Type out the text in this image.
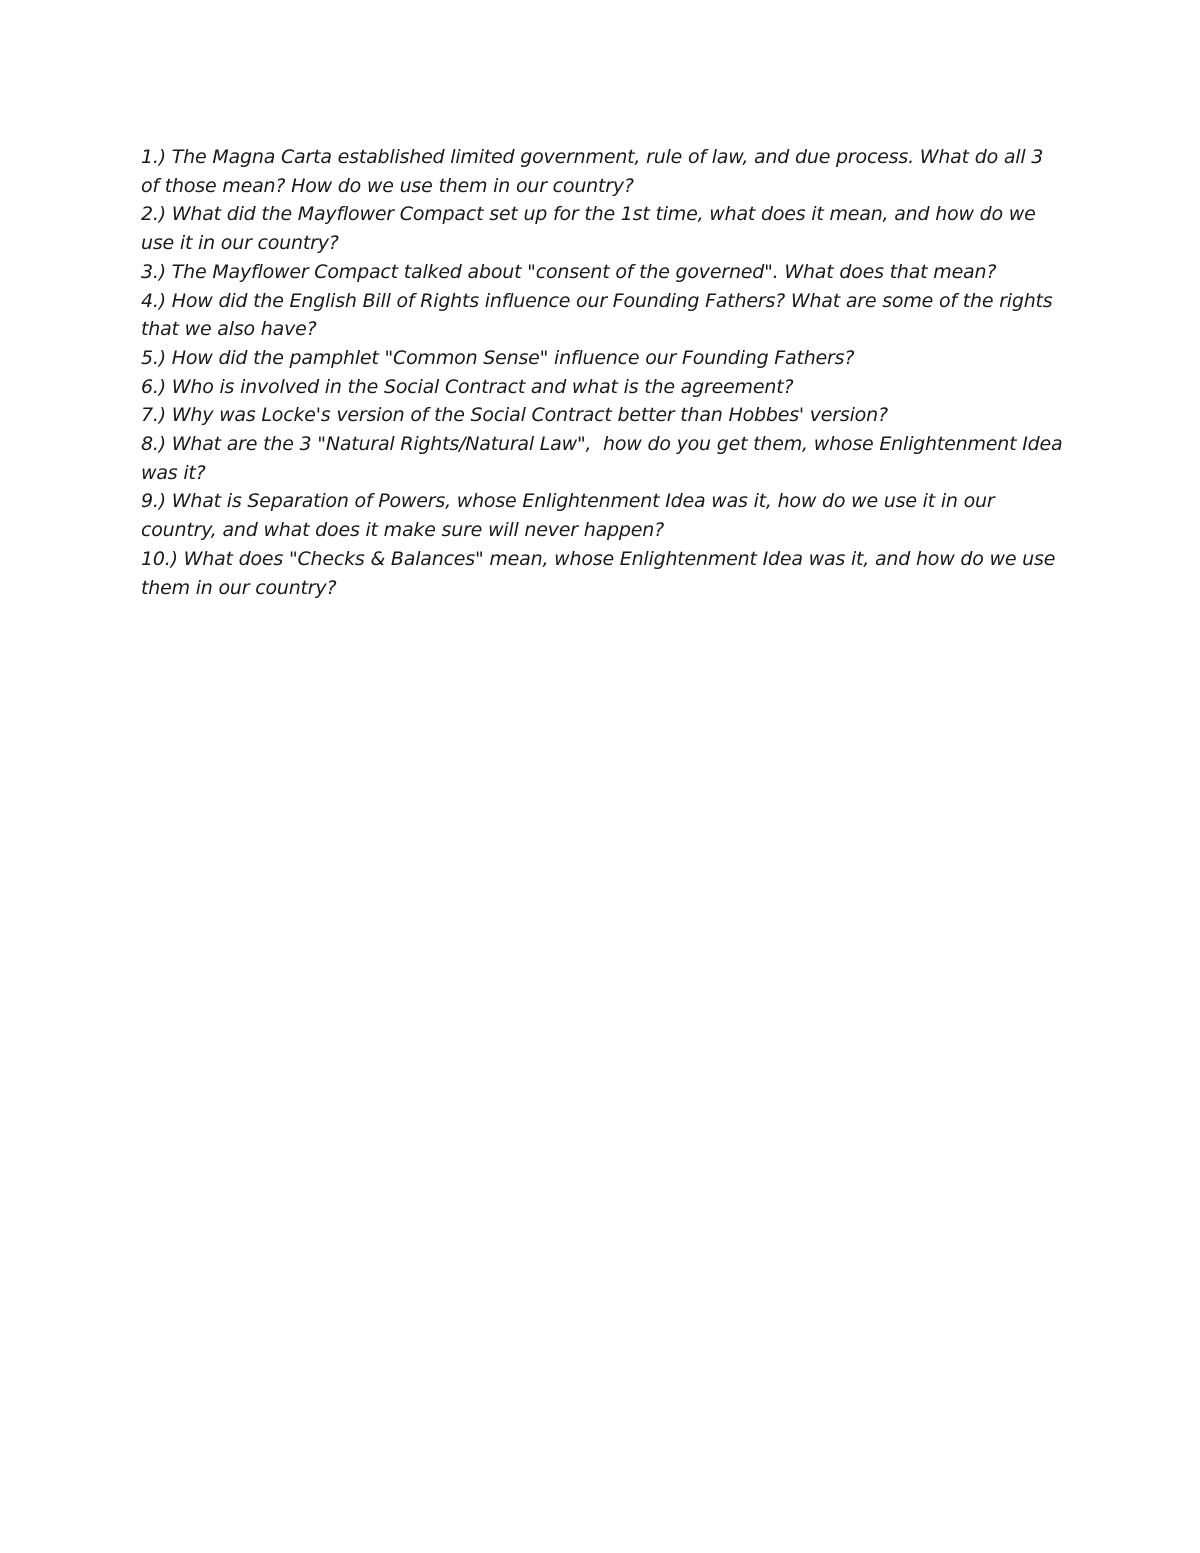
1.) The Magna Carta established limited government, rule of law, and due process. What do all 3 of those mean? How do we use them in our country?
2.) What did the Mayflower Compact set up for the 1st time, what does it mean, and how do we use it in our country?
3.) The Mayflower Compact talked about "consent of the governed". What does that mean?
4.) How did the English Bill of Rights influence our Founding Fathers? What are some of the rights that we also have?
5.) How did the pamphlet "Common Sense" influence our Founding Fathers?
6.) Who is involved in the Social Contract and what is the agreement?
7.) Why was Locke's version of the Social Contract better than Hobbes' version?
8.) What are the 3 "Natural Rights/Natural Law",  how do you get them, whose Enlightenment Idea was it?
9.) What is Separation of Powers, whose Enlightenment Idea was it, how do we use it in our country, and what does it make sure will never happen?
10.) What does "Checks & Balances" mean, whose Enlightenment Idea was it, and how do we use them in our country?
